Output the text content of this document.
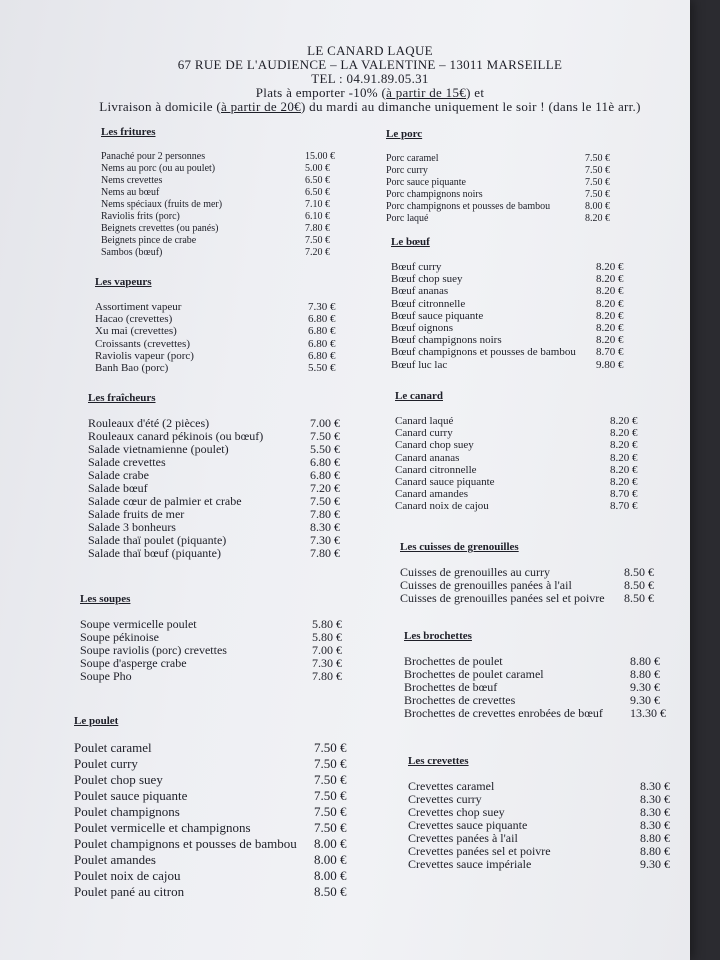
LE CANARD LAQUE
67 RUE DE L'AUDIENCE – LA VALENTINE – 13011 MARSEILLE
TEL : 04.91.89.05.31
Plats à emporter -10% (à partir de 15€) et
Livraison à domicile (à partir de 20€) du mardi au dimanche uniquement le soir ! (dans le 11è arr.)
Les fritures
Panaché pour 2 personnes	15.00 €
Nems au porc (ou au poulet)	5.00 €
Nems crevettes	6.50 €
Nems au bœuf	6.50 €
Nems spéciaux (fruits de mer)	7.10 €
Raviolis frits (porc)	6.10 €
Beignets crevettes (ou panés)	7.80 €
Beignets pince de crabe	7.50 €
Sambos (bœuf)	7.20 €
Les vapeurs
Assortiment vapeur	7.30 €
Hacao (crevettes)	6.80 €
Xu mai (crevettes)	6.80 €
Croissants (crevettes)	6.80 €
Raviolis vapeur (porc)	6.80 €
Banh Bao (porc)	5.50 €
Les fraîcheurs
Rouleaux d'été (2 pièces)	7.00 €
Rouleaux canard pékinois (ou bœuf)	7.50 €
Salade vietnamienne (poulet)	5.50 €
Salade crevettes	6.80 €
Salade crabe	6.80 €
Salade bœuf	7.20 €
Salade cœur de palmier et crabe	7.50 €
Salade fruits de mer	7.80 €
Salade 3 bonheurs	8.30 €
Salade thaï poulet (piquante)	7.30 €
Salade thaï bœuf (piquante)	7.80 €
Les soupes
Soupe vermicelle poulet	5.80 €
Soupe pékinoise	5.80 €
Soupe raviolis (porc) crevettes	7.00 €
Soupe d'asperge crabe	7.30 €
Soupe Pho	7.80 €
Le poulet
Poulet caramel	7.50 €
Poulet curry	7.50 €
Poulet chop suey	7.50 €
Poulet sauce piquante	7.50 €
Poulet champignons	7.50 €
Poulet vermicelle et champignons	7.50 €
Poulet champignons et pousses de bambou 8.00 €
Poulet amandes	8.00 €
Poulet noix de cajou	8.00 €
Poulet pané au citron	8.50 €
Le porc
Porc caramel	7.50 €
Porc curry	7.50 €
Porc sauce piquante	7.50 €
Porc champignons noirs	7.50 €
Porc champignons et pousses de bambou	8.00 €
Porc laqué	8.20 €
Le bœuf
Bœuf curry	8.20 €
Bœuf chop suey	8.20 €
Bœuf ananas	8.20 €
Bœuf citronnelle	8.20 €
Bœuf sauce piquante	8.20 €
Bœuf oignons	8.20 €
Bœuf champignons noirs	8.20 €
Bœuf champignons et pousses de bambou 8.70 €
Bœuf luc lac	9.80 €
Le canard
Canard laqué	8.20 €
Canard curry	8.20 €
Canard chop suey	8.20 €
Canard ananas	8.20 €
Canard citronnelle	8.20 €
Canard sauce piquante	8.20 €
Canard amandes	8.70 €
Canard noix de cajou	8.70 €
Les cuisses de grenouilles
Cuisses de grenouilles au curry	8.50 €
Cuisses de grenouilles panées à l'ail	8.50 €
Cuisses de grenouilles panées sel et poivre 8.50 €
Les brochettes
Brochettes de poulet	8.80 €
Brochettes de poulet caramel	8.80 €
Brochettes de bœuf	9.30 €
Brochettes de crevettes	9.30 €
Brochettes de crevettes enrobées de bœuf 13.30 €
Les crevettes
Crevettes caramel	8.30 €
Crevettes curry	8.30 €
Crevettes chop suey	8.30 €
Crevettes sauce piquante	8.30 €
Crevettes panées à l'ail	8.80 €
Crevettes panées sel et poivre	8.80 €
Crevettes sauce impériale	9.30 €
